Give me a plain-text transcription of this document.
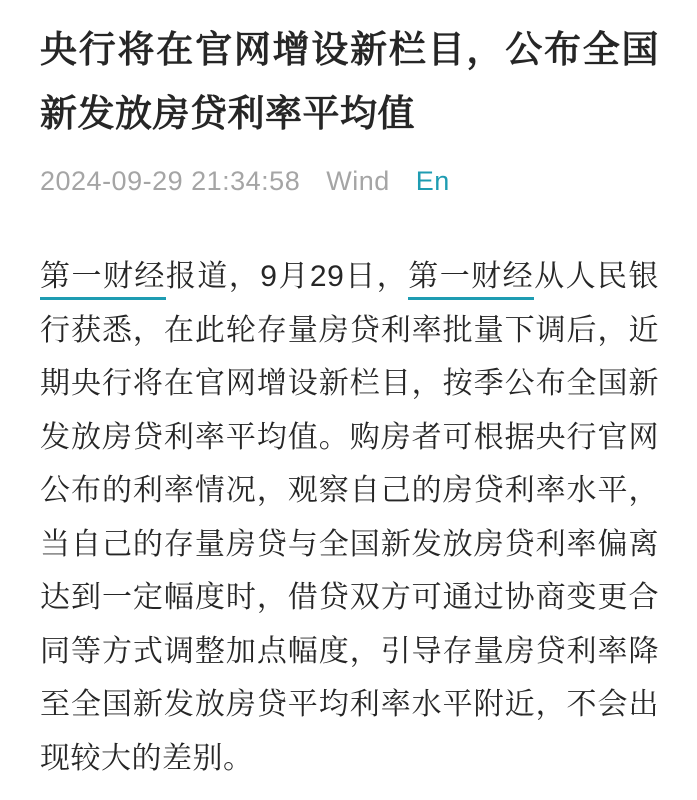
央行将在官网增设新栏目，公布全国新发放房贷利率平均值
2024-09-29 21:34:58 Wind En

第一财经报道，9月29日，第一财经从人民银行获悉，在此轮存量房贷利率批量下调后，近期央行将在官网增设新栏目，按季公布全国新发放房贷利率平均值。购房者可根据央行官网公布的利率情况，观察自己的房贷利率水平，当自己的存量房贷与全国新发放房贷利率偏离达到一定幅度时，借贷双方可通过协商变更合同等方式调整加点幅度，引导存量房贷利率降至全国新发放房贷平均利率水平附近，不会出现较大的差别。
